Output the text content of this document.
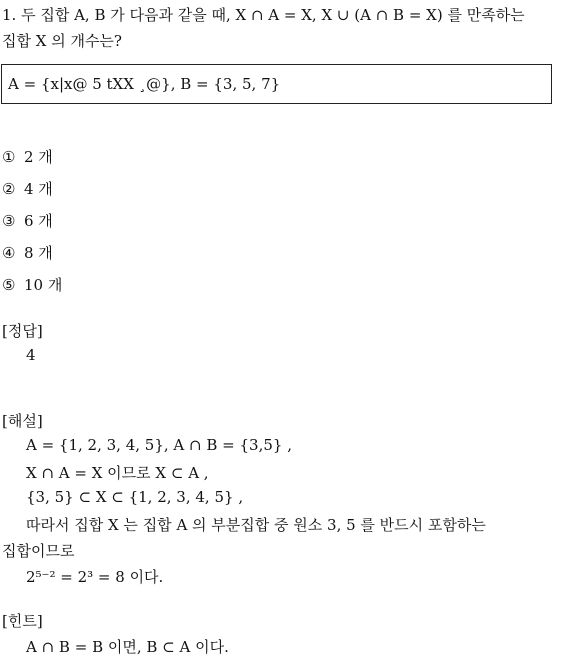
1. 두 집합 A, B 가 다음과 같을 때, X ∩ A = X, X ∪ (A ∩ B = X) 를 만족하는
집합 X 의 개수는?
A = {x|x@ 5 tXX ¸@}, B = {3, 5, 7}
① 2 개
② 4 개
③ 6 개
④ 8 개
⑤ 10 개
[정답]
4
[해설]
A = {1, 2, 3, 4, 5}, A ∩ B = {3,5} ,
X ∩ A = X 이므로 X ⊂ A ,
{3, 5} ⊂ X ⊂ {1, 2, 3, 4, 5} ,
따라서 집합 X 는 집합 A 의 부분집합 중 원소 3, 5 를 반드시 포함하는
집합이므로
2⁵⁻² = 2³ = 8 이다.
[힌트]
A ∩ B = B 이면, B ⊂ A 이다.
